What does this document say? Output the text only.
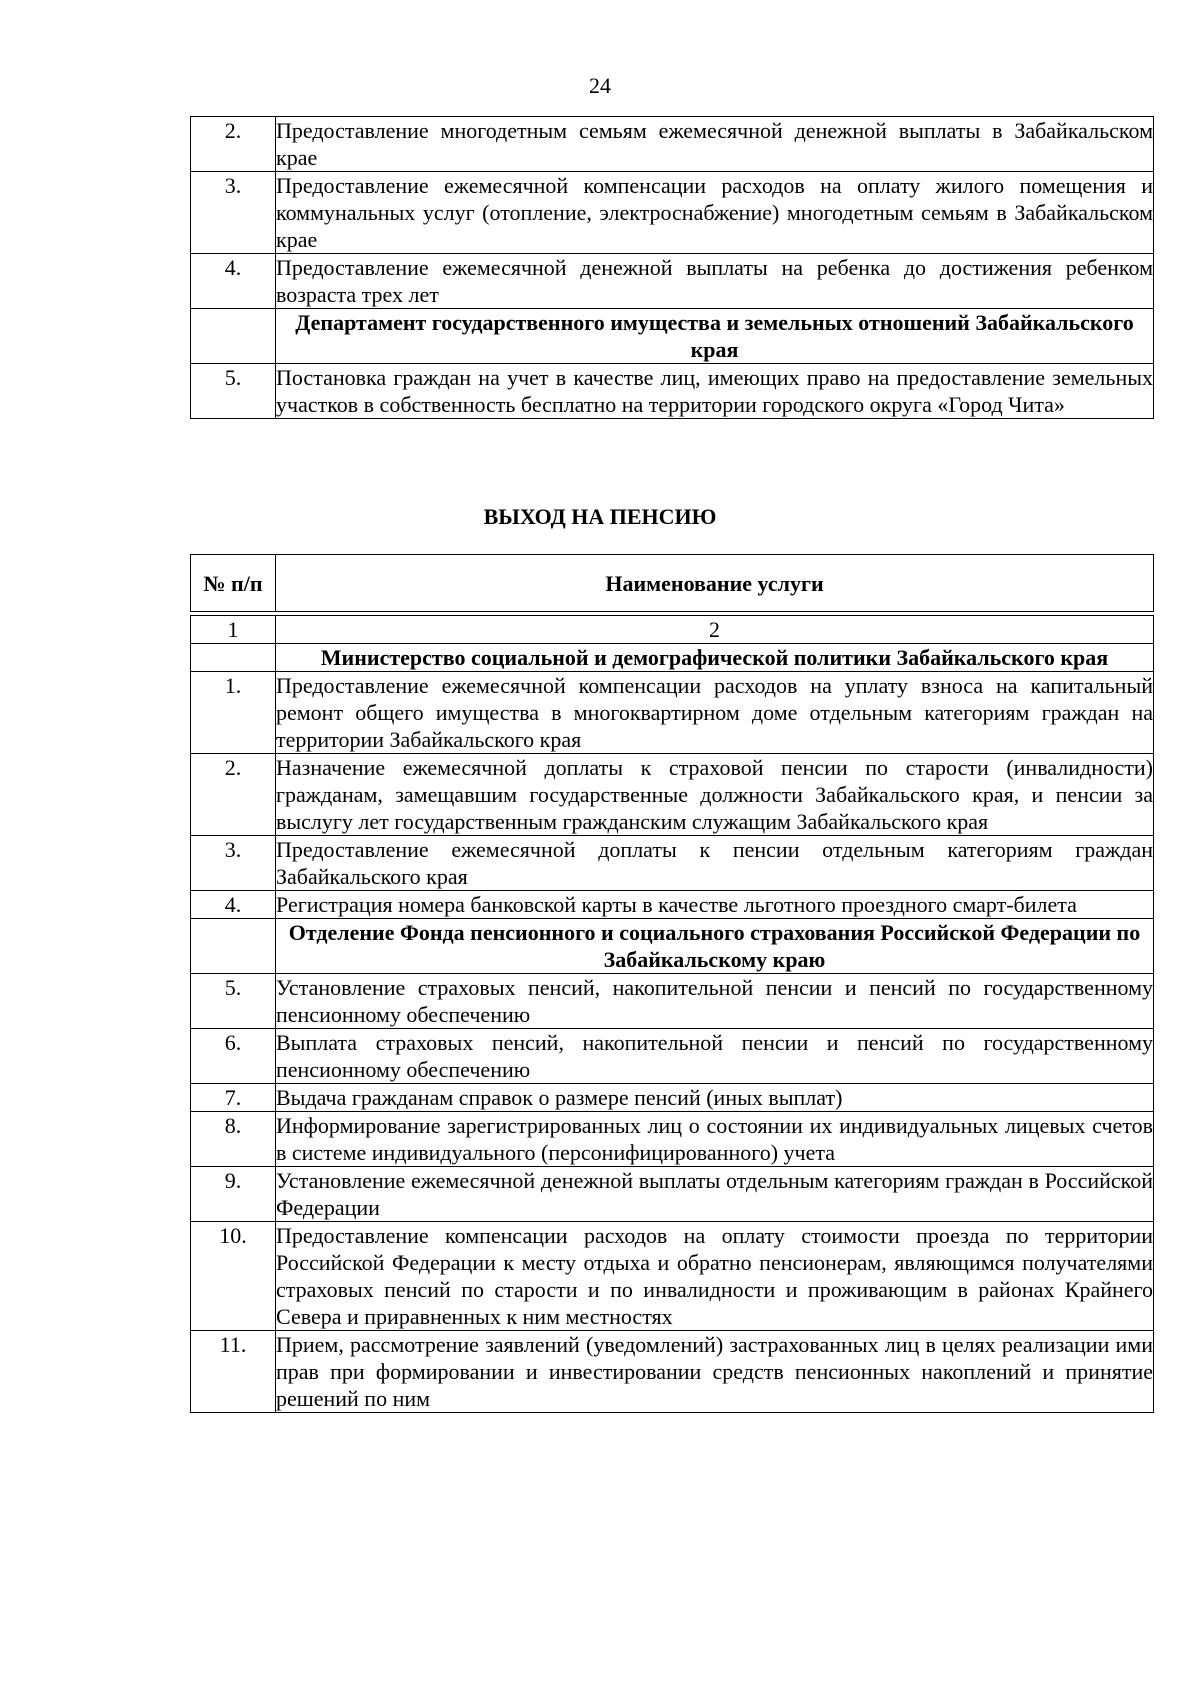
24
2.	Предоставление многодетным семьям ежемесячной денежной выплаты в Забайкальском крае
3.	Предоставление ежемесячной компенсации расходов на оплату жилого помещения и коммунальных услуг (отопление, электроснабжение) многодетным семьям в Забайкальском крае
4.	Предоставление ежемесячной денежной выплаты на ребенка до достижения ребенком возраста трех лет
	Департамент государственного имущества и земельных отношений Забайкальского края
5.	Постановка граждан на учет в качестве лиц, имеющих право на предоставление земельных участков в собственность бесплатно на территории городского округа «Город Чита»
ВЫХОД НА ПЕНСИЮ
№ п/п	Наименование услуги
1	2
	Министерство социальной и демографической политики Забайкальского края
1.	Предоставление ежемесячной компенсации расходов на уплату взноса на капитальный ремонт общего имущества в многоквартирном доме отдельным категориям граждан на территории Забайкальского края
2.	Назначение ежемесячной доплаты к страховой пенсии по старости (инвалидности) гражданам, замещавшим государственные должности Забайкальского края, и пенсии за выслугу лет государственным гражданским служащим Забайкальского края
3.	Предоставление ежемесячной доплаты к пенсии отдельным категориям граждан Забайкальского края
4.	Регистрация номера банковской карты в качестве льготного проездного смарт-билета
	Отделение Фонда пенсионного и социального страхования Российской Федерации по Забайкальскому краю
5.	Установление страховых пенсий, накопительной пенсии и пенсий по государственному пенсионному обеспечению
6.	Выплата страховых пенсий, накопительной пенсии и пенсий по государственному пенсионному обеспечению
7.	Выдача гражданам справок о размере пенсий (иных выплат)
8.	Информирование зарегистрированных лиц о состоянии их индивидуальных лицевых счетов в системе индивидуального (персонифицированного) учета
9.	Установление ежемесячной денежной выплаты отдельным категориям граждан в Российской Федерации
10.	Предоставление компенсации расходов на оплату стоимости проезда по территории Российской Федерации к месту отдыха и обратно пенсионерам, являющимся получателями страховых пенсий по старости и по инвалидности и проживающим в районах Крайнего Севера и приравненных к ним местностях
11.	Прием, рассмотрение заявлений (уведомлений) застрахованных лиц в целях реализации ими прав при формировании и инвестировании средств пенсионных накоплений и принятие решений по ним
